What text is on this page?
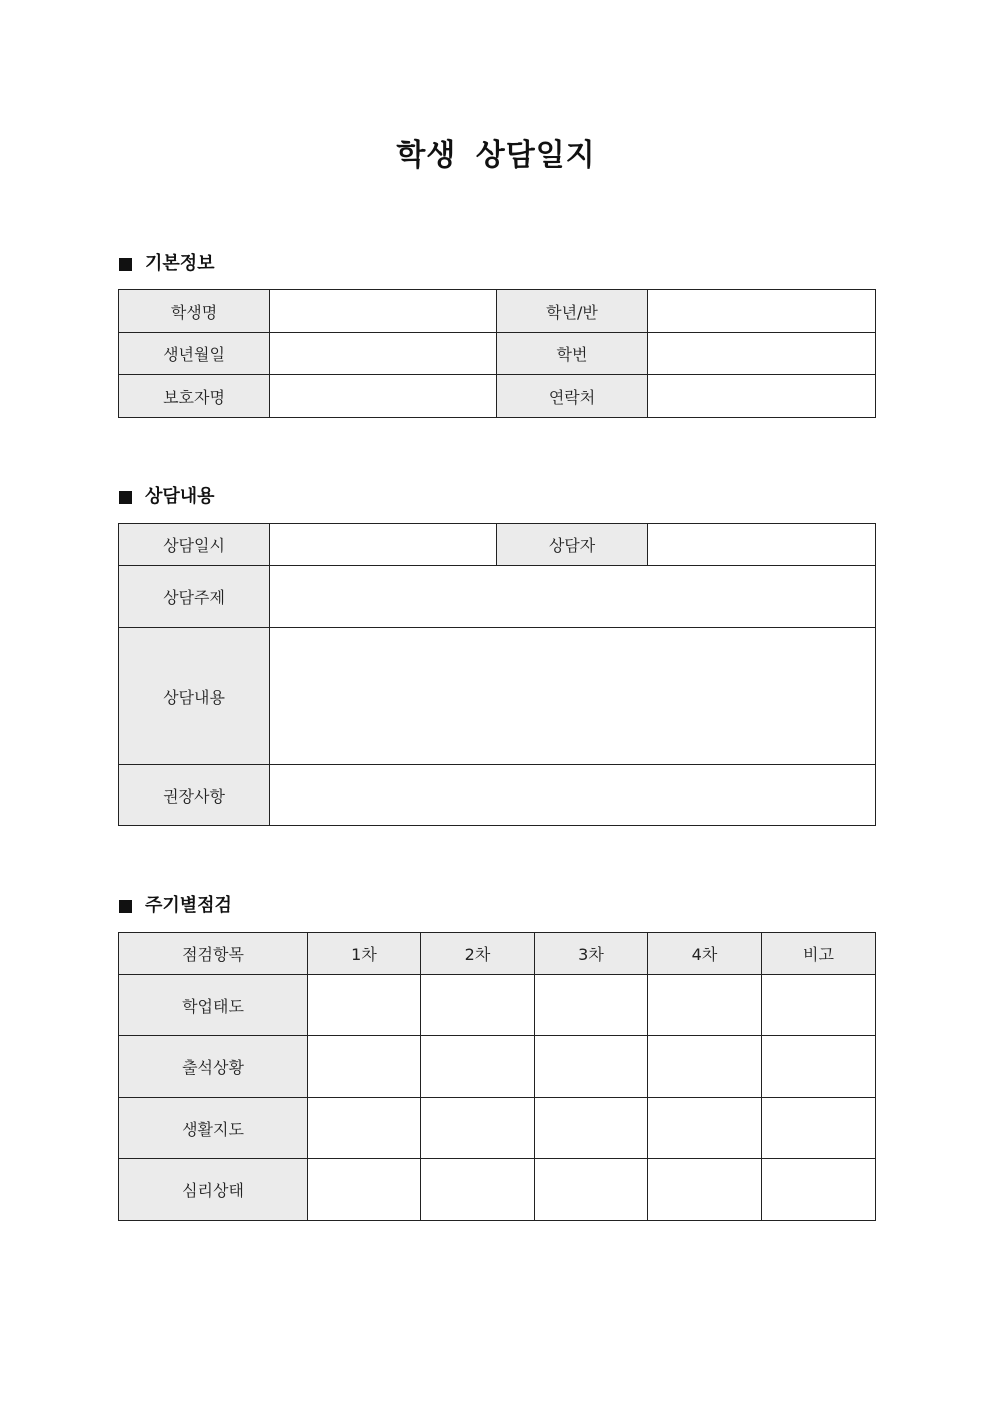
학생 상담일지
기본정보
학생명		학년/반	
생년월일		학번	
보호자명		연락처	
상담내용
상담일시		상담자	
상담주제			
상담내용			
권장사항			
주기별점검
점검항목	1차	2차	3차	4차	비고
학업태도					
출석상황					
생활지도					
심리상태					
